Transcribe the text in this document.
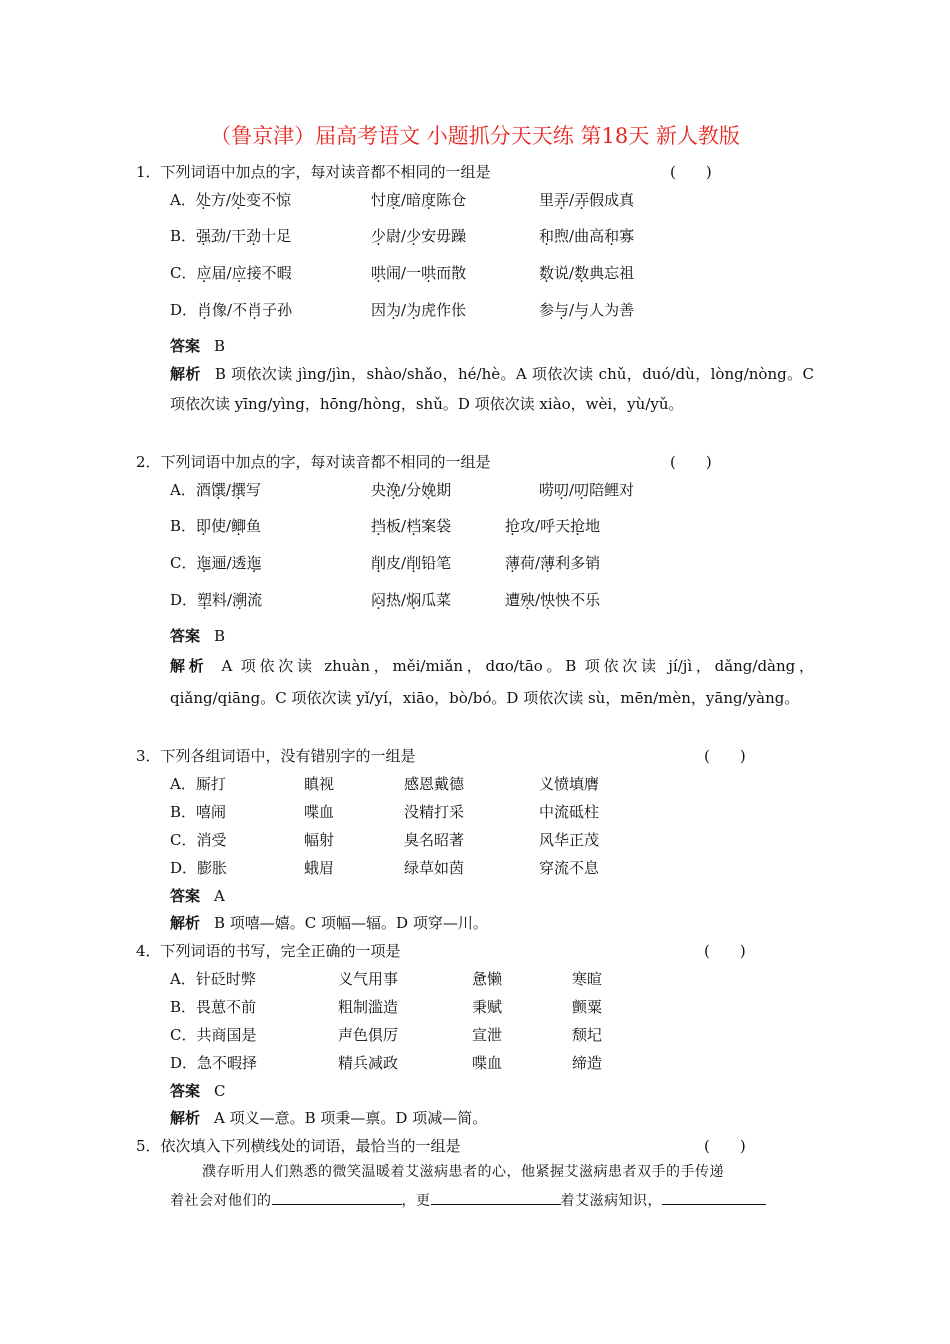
（鲁京津）届高考语文 小题抓分天天练 第18天 新人教版
1．下列词语中加点的字，每对读音都不相同的一组是	(　　)
A．处方/处变不惊	忖度/暗度陈仓	里弄/弄假成真
B．强劲/干劲十足	少尉/少安毋躁	和煦/曲高和寡
C．应届/应接不暇	哄闹/一哄而散	数说/数典忘祖
D．肖像/不肖子孙	因为/为虎作伥	参与/与人为善
答案 B
解析 B 项依次读 jìng/jìn，shào/shǎo，hé/hè。A 项依次读 chǔ，duó/dù，lòng/nòng。C 项依次读 yīng/yìng，hōng/hòng，shǔ。D 项依次读 xiào，wèi，yù/yǔ。
2．下列词语中加点的字，每对读音都不相同的一组是	(　　)
A．酒馔/撰写	央浼/分娩期	唠叨/叨陪鲤对
B．即使/鲫鱼	挡板/档案袋	抢攻/呼天抢地
C．迤逦/透迤	削皮/削铅笔	薄荷/薄利多销
D．塑料/溯流	闷热/焖瓜菜	遭殃/怏怏不乐
答案 B
解析 A 项依次读 zhuàn，měi/miǎn，dɑo/tāo。B 项依次读 jí/jì，dǎng/dàng，qiǎng/qiāng。C 项依次读 yǐ/yí，xiāo，bò/bó。D 项依次读 sù，mēn/mèn，yāng/yàng。
3．下列各组词语中，没有错别字的一组是	(　　)
A．厮打	瞋视	感恩戴德	义愤填膺
B．嘻闹	喋血	没精打采	中流砥柱
C．消受	幅射	臭名昭著	风华正茂
D．膨胀	蛾眉	绿草如茵	穿流不息
答案 A
解析 B 项嘻—嬉。C 项幅—辐。D 项穿—川。
4．下列词语的书写，完全正确的一项是	(　　)
A．针砭时弊	义气用事	惫懒	寒暄
B．畏葸不前	粗制滥造	秉赋	颤粟
C．共商国是	声色俱厉	宣泄	颓圮
D．急不暇择	精兵减政	喋血	缔造
答案 C
解析 A 项义—意。B 项秉—禀。D 项减—简。
5．依次填入下列横线处的词语，最恰当的一组是	(　　)
濮存昕用人们熟悉的微笑温暖着艾滋病患者的心，他紧握艾滋病患者双手的手传递
着社会对他们的	，更	着艾滋病知识，
